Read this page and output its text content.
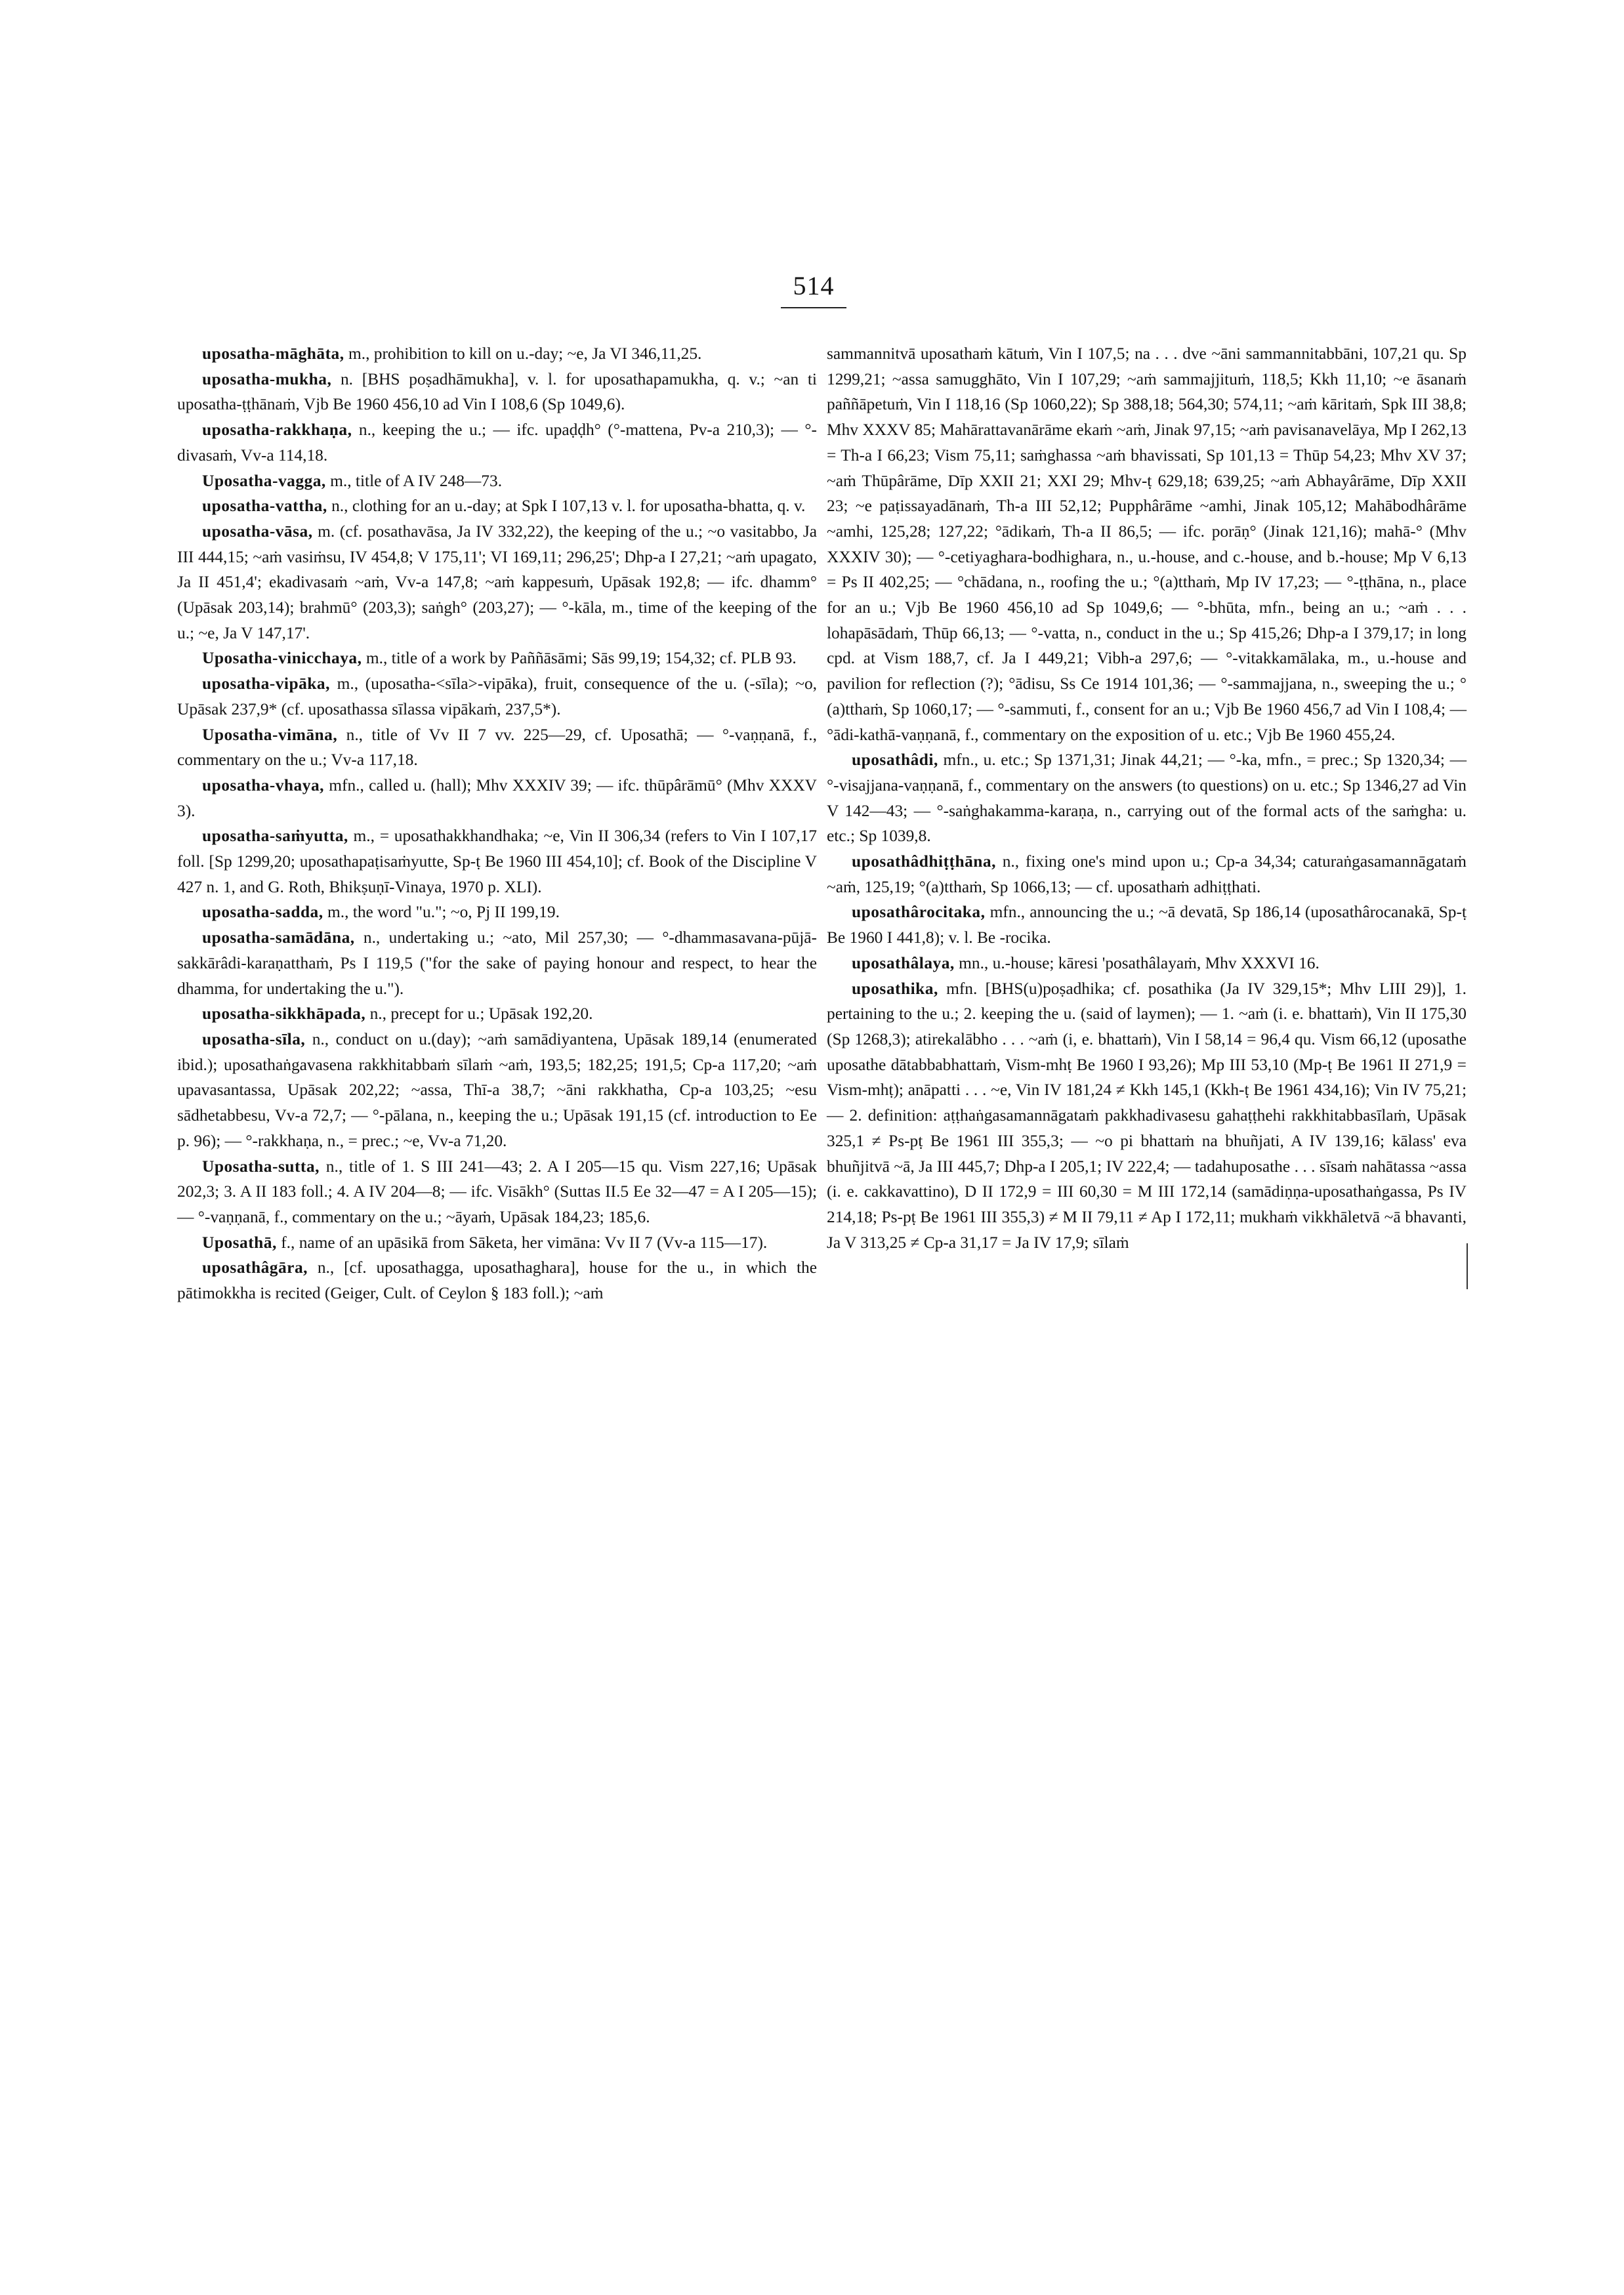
514

uposatha-māghāta, m., prohibition to kill on u.-day; ~e, Ja VI 346,11,25.

uposatha-mukha, n. [BHS poṣadhāmukha], v. l. for uposathapamukha, q. v.; ~an ti uposatha-ṭṭhānaṁ, Vjb Be 1960 456,10 ad Vin I 108,6 (Sp 1049,6).

uposatha-rakkhaṇa, n., keeping the u.; — ifc. upaḍḍh° (°-mattena, Pv-a 210,3); — °-divasaṁ, Vv-a 114,18.

Uposatha-vagga, m., title of A IV 248—73.

uposatha-vattha, n., clothing for an u.-day; at Spk I 107,13 v. l. for uposatha-bhatta, q. v.

uposatha-vāsa, m. (cf. posathavāsa, Ja IV 332,22), the keeping of the u.; ~o vasitabbo, Ja III 444,15; ~aṁ vasiṁsu, IV 454,8; V 175,11'; VI 169,11; 296,25'; Dhp-a I 27,21; ~aṁ upagato, Ja II 451,4'; ekadivasaṁ ~aṁ, Vv-a 147,8; ~aṁ kappesuṁ, Upāsak 192,8; — ifc. dhamm° (Upāsak 203,14); brahmū° (203,3); saṅgh° (203,27); — °-kāla, m., time of the keeping of the u.; ~e, Ja V 147,17'.

Uposatha-vinicchaya, m., title of a work by Paññāsāmi; Sās 99,19; 154,32; cf. PLB 93.

uposatha-vipāka, m., (uposatha-<sīla>-vipāka), fruit, consequence of the u. (-sīla); ~o, Upāsak 237,9* (cf. uposathassa sīlassa vipākaṁ, 237,5*).

Uposatha-vimāna, n., title of Vv II 7 vv. 225—29, cf. Uposathā; — °-vaṇṇanā, f., commentary on the u.; Vv-a 117,18.

uposatha-vhaya, mfn., called u. (hall); Mhv XXXIV 39; — ifc. thūpârāmū° (Mhv XXXV 3).

uposatha-saṁyutta, m., = uposathakkhandhaka; ~e, Vin II 306,34 (refers to Vin I 107,17 foll. [Sp 1299,20; uposathapaṭisaṁyutte, Sp-ṭ Be 1960 III 454,10]; cf. Book of the Discipline V 427 n. 1, and G. Roth, Bhikṣuṇī-Vinaya, 1970 p. XLI).

uposatha-sadda, m., the word "u."; ~o, Pj II 199,19.

uposatha-samādāna, n., undertaking u.; ~ato, Mil 257,30; — °-dhammasavana-pūjā-sakkārâdi-karaṇatthaṁ, Ps I 119,5 ("for the sake of paying honour and respect, to hear the dhamma, for undertaking the u.").

uposatha-sikkhāpada, n., precept for u.; Upāsak 192,20.

uposatha-sīla, n., conduct on u.(day); ~aṁ samādiyantena, Upāsak 189,14 (enumerated ibid.); uposathaṅgavasena rakkhitabbaṁ sīlaṁ ~aṁ, 193,5; 182,25; 191,5; Cp-a 117,20; ~aṁ upavasantassa, Upāsak 202,22; ~assa, Thī-a 38,7; ~āni rakkhatha, Cp-a 103,25; ~esu sādhetabbesu, Vv-a 72,7; — °-pālana, n., keeping the u.; Upāsak 191,15 (cf. introduction to Ee p. 96); — °-rakkhaṇa, n., = prec.; ~e, Vv-a 71,20.

Uposatha-sutta, n., title of 1. S III 241—43; 2. A I 205—15 qu. Vism 227,16; Upāsak 202,3; 3. A II 183 foll.; 4. A IV 204—8; — ifc. Visākh° (Suttas II.5 Ee 32—47 = A I 205—15); — °-vaṇṇanā, f., commentary on the u.; ~āyaṁ, Upāsak 184,23; 185,6.

Uposathā, f., name of an upāsikā from Sāketa, her vimāna: Vv II 7 (Vv-a 115—17).

uposathâgāra, n., [cf. uposathagga, uposathaghara], house for the u., in which the pātimokkha is recited (Geiger, Cult. of Ceylon § 183 foll.); ~aṁ

sammannitvā uposathaṁ kātuṁ, Vin I 107,5; na . . . dve ~āni sammannitabbāni, 107,21 qu. Sp 1299,21; ~assa samugghāto, Vin I 107,29; ~aṁ sammajjituṁ, 118,5; Kkh 11,10; ~e āsanaṁ paññāpetuṁ, Vin I 118,16 (Sp 1060,22); Sp 388,18; 564,30; 574,11; ~aṁ kāritaṁ, Spk III 38,8; Mhv XXXV 85; Mahārattavanārāme ekaṁ ~aṁ, Jinak 97,15; ~aṁ pavisanavelāya, Mp I 262,13 = Th-a I 66,23; Vism 75,11; saṁghassa ~aṁ bhavissati, Sp 101,13 = Thūp 54,23; Mhv XV 37; ~aṁ Thūpârāme, Dīp XXII 21; XXI 29; Mhv-ṭ 629,18; 639,25; ~aṁ Abhayârāme, Dīp XXII 23; ~e paṭissayadānaṁ, Th-a III 52,12; Pupphârāme ~amhi, Jinak 105,12; Mahābodhârāme ~amhi, 125,28; 127,22; °ādikaṁ, Th-a II 86,5; — ifc. porāṇ° (Jinak 121,16); mahā-° (Mhv XXXIV 30); — °-cetiyaghara-bodhighara, n., u.-house, and c.-house, and b.-house; Mp V 6,13 = Ps II 402,25; — °chādana, n., roofing the u.; °(a)tthaṁ, Mp IV 17,23; — °-ṭṭhāna, n., place for an u.; Vjb Be 1960 456,10 ad Sp 1049,6; — °-bhūta, mfn., being an u.; ~aṁ . . . lohapāsādaṁ, Thūp 66,13; — °-vatta, n., conduct in the u.; Sp 415,26; Dhp-a I 379,17; in long cpd. at Vism 188,7, cf. Ja I 449,21; Vibh-a 297,6; — °-vitakkamālaka, m., u.-house and pavilion for reflection (?); °ādisu, Ss Ce 1914 101,36; — °-sammajjana, n., sweeping the u.; °(a)tthaṁ, Sp 1060,17; — °-sammuti, f., consent for an u.; Vjb Be 1960 456,7 ad Vin I 108,4; — °ādi-kathā-vaṇṇanā, f., commentary on the exposition of u. etc.; Vjb Be 1960 455,24.

uposathâdi, mfn., u. etc.; Sp 1371,31; Jinak 44,21; — °-ka, mfn., = prec.; Sp 1320,34; — °-visajjana-vaṇṇanā, f., commentary on the answers (to questions) on u. etc.; Sp 1346,27 ad Vin V 142—43; — °-saṅghakamma-karaṇa, n., carrying out of the formal acts of the saṁgha: u. etc.; Sp 1039,8.

uposathâdhiṭṭhāna, n., fixing one's mind upon u.; Cp-a 34,34; caturaṅgasamannāgataṁ ~aṁ, 125,19; °(a)tthaṁ, Sp 1066,13; — cf. uposathaṁ adhiṭṭhati.

uposathârocitaka, mfn., announcing the u.; ~ā devatā, Sp 186,14 (uposathârocanakā, Sp-ṭ Be 1960 I 441,8); v. l. Be -rocika.

uposathâlaya, mn., u.-house; kāresi 'posathâlayaṁ, Mhv XXXVI 16.

uposathika, mfn. [BHS(u)poṣadhika; cf. posathika (Ja IV 329,15*; Mhv LIII 29)], 1. pertaining to the u.; 2. keeping the u. (said of laymen); — 1. ~aṁ (i. e. bhattaṁ), Vin II 175,30 (Sp 1268,3); atirekalābho . . . ~aṁ (i, e. bhattaṁ), Vin I 58,14 = 96,4 qu. Vism 66,12 (uposathe uposathe dātabbabhattaṁ, Vism-mhṭ Be 1960 I 93,26); Mp III 53,10 (Mp-ṭ Be 1961 II 271,9 = Vism-mhṭ); anāpatti . . . ~e, Vin IV 181,24 ≠ Kkh 145,1 (Kkh-ṭ Be 1961 434,16); Vin IV 75,21; — 2. definition: aṭṭhaṅgasamannāgataṁ pakkhadivasesu gahaṭṭhehi rakkhitabbasīlaṁ, Upāsak 325,1 ≠ Ps-pṭ Be 1961 III 355,3; — ~o pi bhattaṁ na bhuñjati, A IV 139,16; kālass' eva bhuñjitvā ~ā, Ja III 445,7; Dhp-a I 205,1; IV 222,4; — tadahuposathe . . . sīsaṁ nahātassa ~assa (i. e. cakkavattino), D II 172,9 = III 60,30 = M III 172,14 (samādiṇṇa-uposathaṅgassa, Ps IV 214,18; Ps-pṭ Be 1961 III 355,3) ≠ M II 79,11 ≠ Ap I 172,11; mukhaṁ vikkhāletvā ~ā bhavanti, Ja V 313,25 ≠ Cp-a 31,17 = Ja IV 17,9; sīlaṁ
